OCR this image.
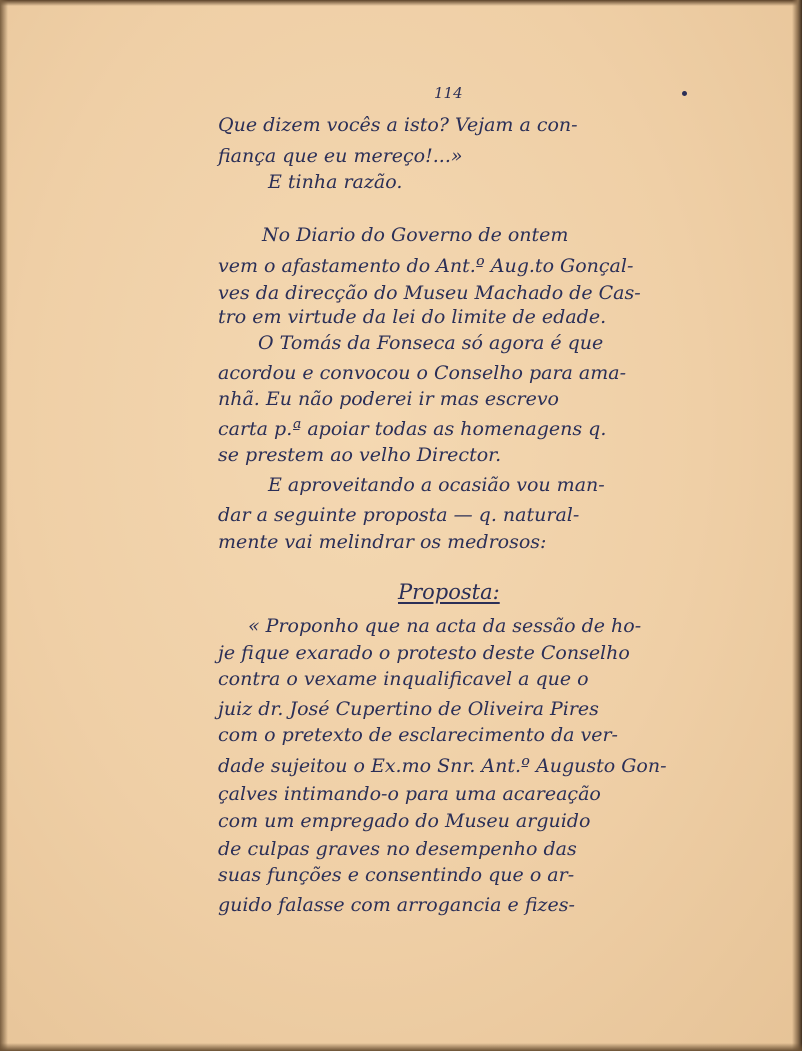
114
Que dizem vocês a isto? Vejam a con-
fiança que eu mereço!...»
E tinha razão.
No Diario do Governo de ontem
vem o afastamento do Ant.º Aug.to Gonçal-
ves da direcção do Museu Machado de Cas-
tro em virtude da lei do limite de edade.
O Tomás da Fonseca só agora é que
acordou e convocou o Conselho para ama-
nhã. Eu não poderei ir mas escrevo
carta p.ª apoiar todas as homenagens q.
se prestem ao velho Director.
E aproveitando a ocasião vou man-
dar a seguinte proposta — q. natural-
mente vai melindrar os medrosos:
Proposta:
« Proponho que na acta da sessão de ho-
je fique exarado o protesto deste Conselho
contra o vexame inqualificavel a que o
juiz dr. José Cupertino de Oliveira Pires
com o pretexto de esclarecimento da ver-
dade sujeitou o Ex.mo Snr. Ant.º Augusto Gon-
çalves intimando-o para uma acareação
com um empregado do Museu arguido
de culpas graves no desempenho das
suas funções e consentindo que o ar-
guido falasse com arrogancia e fizes-
